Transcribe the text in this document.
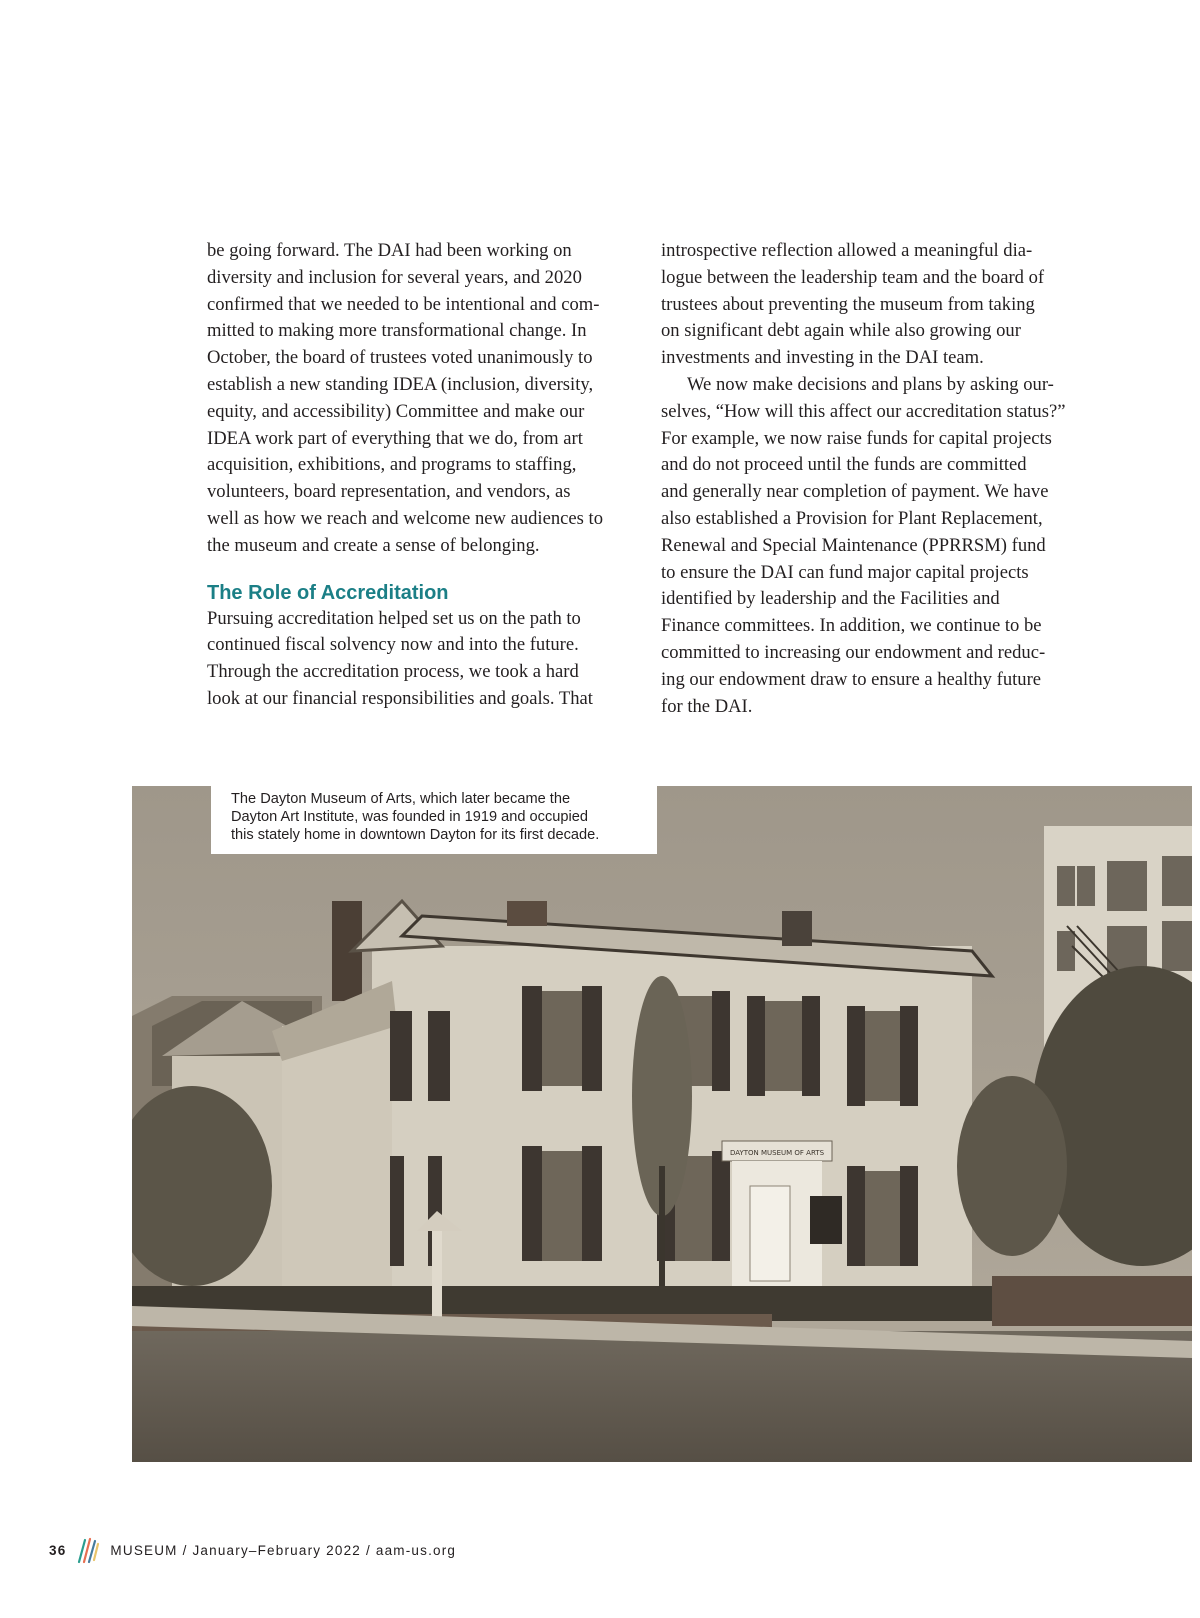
be going forward. The DAI had been working on
diversity and inclusion for several years, and 2020
confirmed that we needed to be intentional and com-
mitted to making more transformational change. In
October, the board of trustees voted unanimously to
establish a new standing IDEA (inclusion, diversity,
equity, and accessibility) Committee and make our
IDEA work part of everything that we do, from art
acquisition, exhibitions, and programs to staffing,
volunteers, board representation, and vendors, as
well as how we reach and welcome new audiences to
the museum and create a sense of belonging.

The Role of Accreditation

Pursuing accreditation helped set us on the path to
continued fiscal solvency now and into the future.
Through the accreditation process, we took a hard
look at our financial responsibilities and goals. That

introspective reflection allowed a meaningful dia-
logue between the leadership team and the board of
trustees about preventing the museum from taking
on significant debt again while also growing our
investments and investing in the DAI team.

We now make decisions and plans by asking our-
selves, “How will this affect our accreditation status?”
For example, we now raise funds for capital projects
and do not proceed until the funds are committed
and generally near completion of payment. We have
also established a Provision for Plant Replacement,
Renewal and Special Maintenance (PPRRSM) fund
to ensure the DAI can fund major capital projects
identified by leadership and the Facilities and
Finance committees. In addition, we continue to be
committed to increasing our endowment and reduc-
ing our endowment draw to ensure a healthy future
for the DAI.

DAYTON MUSEUM OF ARTS
The Dayton Museum of Arts, which later became the
Dayton Art Institute, was founded in 1919 and occupied
this stately home in downtown Dayton for its first decade.
36	MUSEUM / January–February 2022 / aam-us.org
